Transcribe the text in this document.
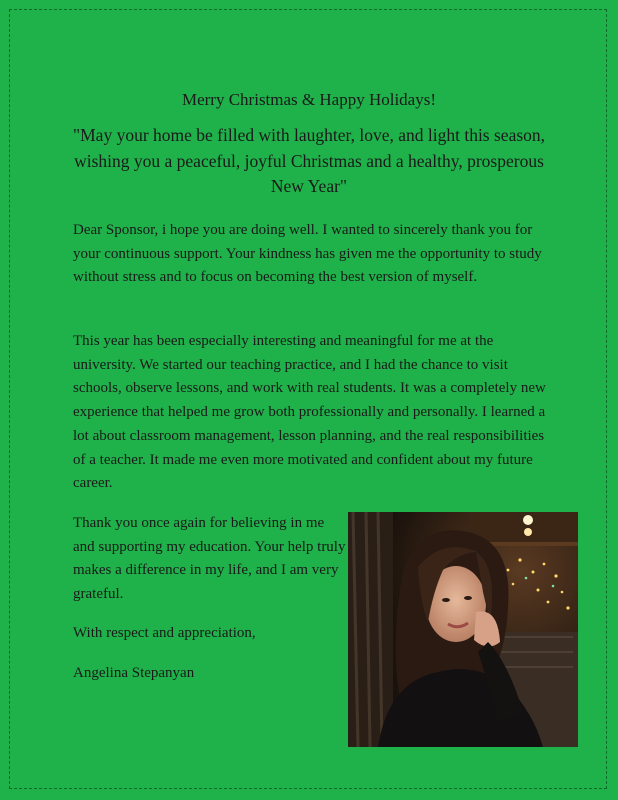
Merry Christmas & Happy Holidays!
"May your home be filled with laughter, love, and light this season, wishing you a peaceful, joyful Christmas and a healthy, prosperous New Year"

Dear Sponsor, i hope you are doing well. I wanted to sincerely thank you for your continuous support. Your kindness has given me the opportunity to study without stress and to focus on becoming the best version of myself.

This year has been especially interesting and meaningful for me at the university. We started our teaching practice, and I had the chance to visit schools, observe lessons, and work with real students. It was a completely new experience that helped me grow both professionally and personally. I learned a lot about classroom management, lesson planning, and the real responsibilities of a teacher. It made me even more motivated and confident about my future career.

Thank you once again for believing in me and supporting my education. Your help truly makes a difference in my life, and I am very grateful.

With respect and appreciation,
Angelina Stepanyan
